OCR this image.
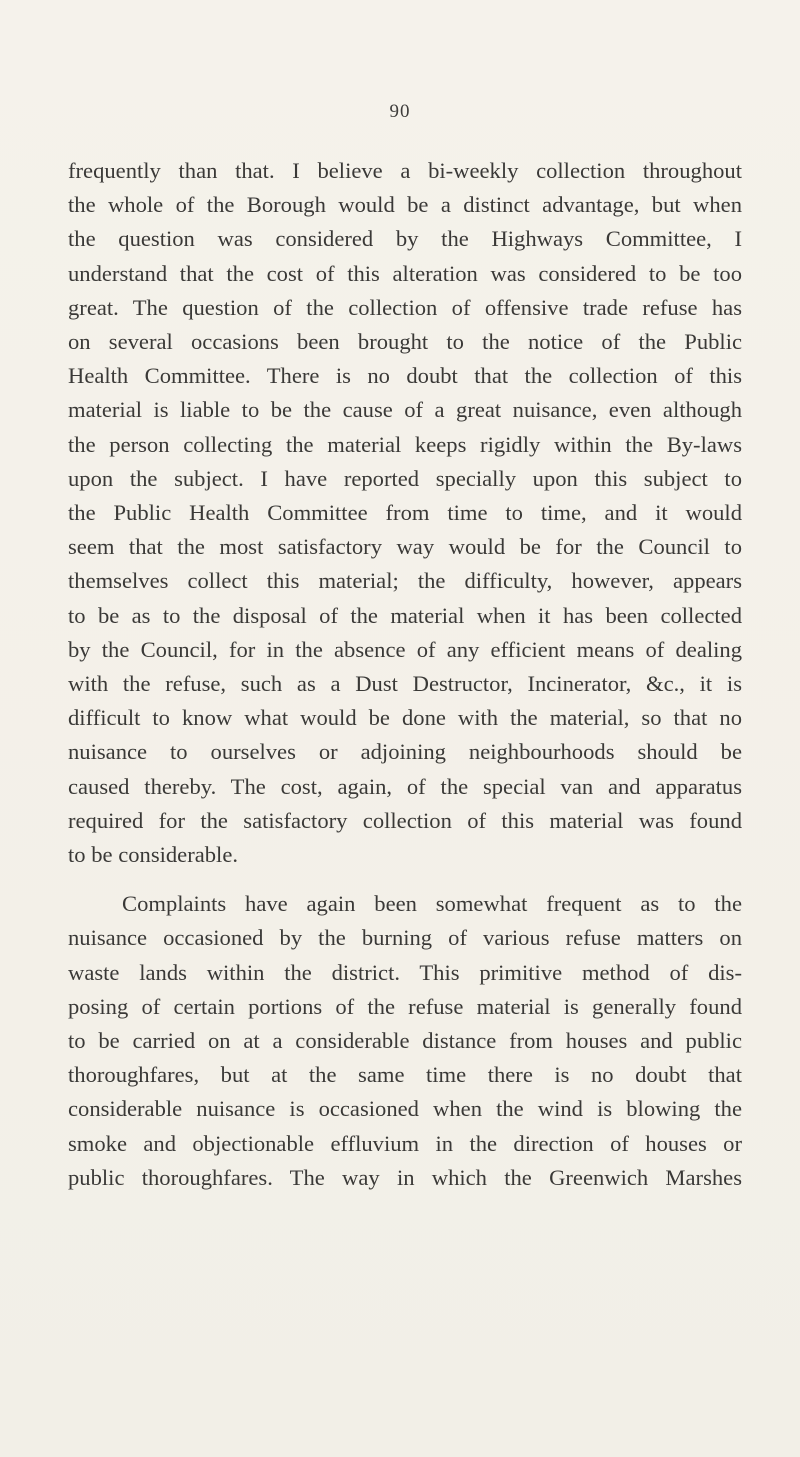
90

frequently than that. I believe a bi-weekly collection throughout
the whole of the Borough would be a distinct advantage, but when
the question was considered by the Highways Committee, I
understand that the cost of this alteration was considered to be too
great. The question of the collection of offensive trade refuse has
on several occasions been brought to the notice of the Public
Health Committee. There is no doubt that the collection of this
material is liable to be the cause of a great nuisance, even although
the person collecting the material keeps rigidly within the By-laws
upon the subject. I have reported specially upon this subject to
the Public Health Committee from time to time, and it would
seem that the most satisfactory way would be for the Council to
themselves collect this material; the difficulty, however, appears
to be as to the disposal of the material when it has been collected
by the Council, for in the absence of any efficient means of dealing
with the refuse, such as a Dust Destructor, Incinerator, &c., it is
difficult to know what would be done with the material, so that no
nuisance to ourselves or adjoining neighbourhoods should be
caused thereby. The cost, again, of the special van and apparatus
required for the satisfactory collection of this material was found
to be considerable.

Complaints have again been somewhat frequent as to the
nuisance occasioned by the burning of various refuse matters on
waste lands within the district. This primitive method of dis-
posing of certain portions of the refuse material is generally found
to be carried on at a considerable distance from houses and public
thoroughfares, but at the same time there is no doubt that
considerable nuisance is occasioned when the wind is blowing the
smoke and objectionable effluvium in the direction of houses or
public thoroughfares. The way in which the Greenwich Marshes
